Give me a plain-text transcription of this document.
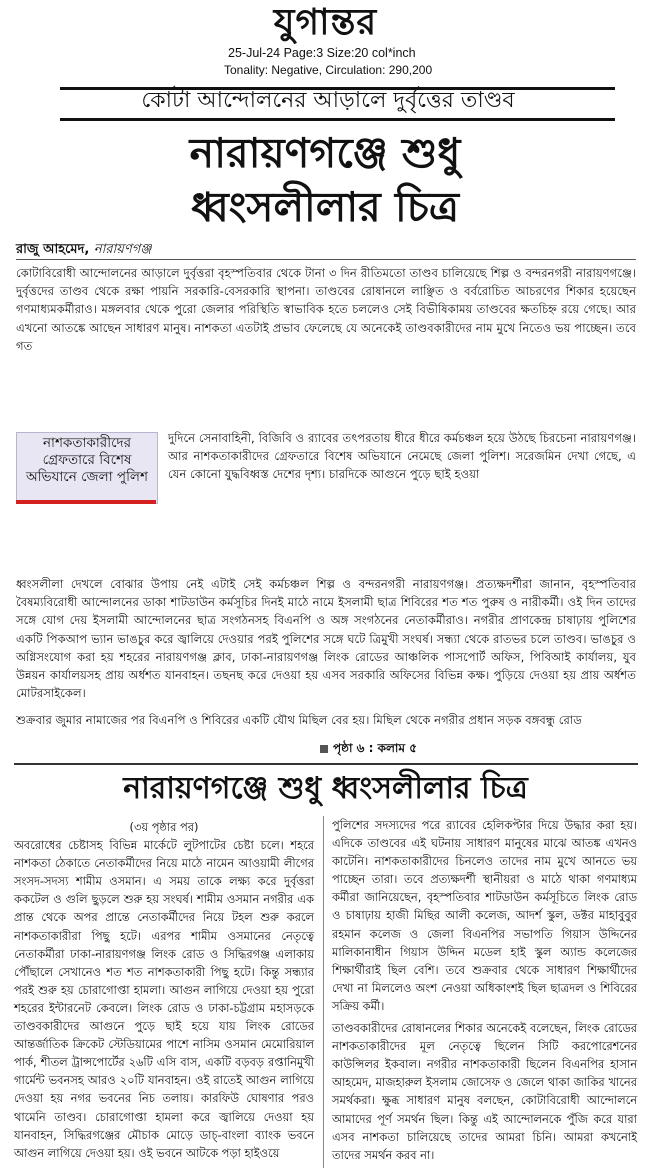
যুগান্তর
25-Jul-24 Page:3 Size:20 col*inch
Tonality: Negative, Circulation: 290,200
কোটা আন্দোলনের আড়ালে দুর্বৃত্তের তাণ্ডব
নারায়ণগঞ্জে শুধু
ধ্বংসলীলার চিত্র
রাজু আহমেদ, নারায়ণগঞ্জ
কোটাবিরোধী আন্দোলনের আড়ালে দুর্বৃত্তরা বৃহস্পতিবার থেকে টানা ৩ দিন রীতিমতো তাণ্ডব চালিয়েছে শিল্প ও বন্দরনগরী নারায়ণগঞ্জে। দুর্বৃত্তদের তাণ্ডব থেকে রক্ষা পায়নি সরকারি-বেসরকারি স্থাপনা। তাণ্ডবের রোষানলে লাঞ্ছিত ও বর্বরোচিত আচরণের শিকার হয়েছেন গণমাধ্যমকর্মীরাও। মঙ্গলবার থেকে পুরো জেলার পরিস্থিতি স্বাভাবিক হতে চললেও সেই বিভীষিকাময় তাণ্ডবের ক্ষতচিহ্ন রয়ে গেছে। আর এখনো আতঙ্কে আছেন সাধারণ মানুষ। নাশকতা এতটাই প্রভাব ফেলেছে যে অনেকেই তাণ্ডবকারীদের নাম মুখে নিতেও ভয় পাচ্ছেন। তবে গত
নাশকতাকারীদের গ্রেফতারে বিশেষ অভিযানে জেলা পুলিশ
দুদিনে সেনাবাহিনী, বিজিবি ও র‌্যাবের তৎপরতায় ধীরে ধীরে কর্মচঞ্চল হয়ে উঠছে চিরচেনা নারায়ণগঞ্জ। আর নাশকতাকারীদের গ্রেফতারে বিশেষ অভিযানে নেমেছে জেলা পুলিশ। সরেজমিন দেখা গেছে, এ যেন কোনো যুদ্ধবিধ্বস্ত দেশের দৃশ্য। চারদিকে আগুনে পুড়ে ছাই হওয়া
ধ্বংসলীলা দেখলে বোঝার উপায় নেই এটাই সেই কর্মচঞ্চল শিল্প ও বন্দরনগরী নারায়ণগঞ্জ। প্রত্যক্ষদর্শীরা জানান, বৃহস্পতিবার বৈষম্যবিরোধী আন্দোলনের ডাকা শাটডাউন কর্মসূচির দিনই মাঠে নামে ইসলামী ছাত্র শিবিরের শত শত পুরুষ ও নারীকর্মী। ওই দিন তাদের সঙ্গে যোগ দেয় ইসলামী আন্দোলনের ছাত্র সংগঠনসহ বিএনপি ও অঙ্গ সংগঠনের নেতাকর্মীরাও। নগরীর প্রাণকেন্দ্র চাষাঢ়ায় পুলিশের একটি পিকআপ ভ্যান ভাঙচুর করে জ্বালিয়ে দেওয়ার পরই পুলিশের সঙ্গে ঘটে ত্রিমুখী সংঘর্ষ। সন্ধ্যা থেকে রাতভর চলে তাণ্ডব। ভাঙচুর ও অগ্নিসংযোগ করা হয় শহরের নারায়ণগঞ্জ ক্লাব, ঢাকা-নারায়ণগঞ্জ লিংক রোডের আঞ্চলিক পাসপোর্ট অফিস, পিবিআই কার্যালয়, যুব উন্নয়ন কার্যালয়সহ প্রায় অর্ধশত যানবাহন। তছনছ করে দেওয়া হয় এসব সরকারি অফিসের বিভিন্ন কক্ষ। পুড়িয়ে দেওয়া হয় প্রায় অর্ধশত মোটরসাইকেল।
শুক্রবার জুমার নামাজের পর বিএনপি ও শিবিরের একটি যৌথ মিছিল বের হয়। মিছিল থেকে নগরীর প্রধান সড়ক বঙ্গবন্ধু রোড
পৃষ্ঠা ৬ : কলাম ৫
নারায়ণগঞ্জে শুধু ধ্বংসলীলার চিত্র
(৩য় পৃষ্ঠার পর)
অবরোধের চেষ্টাসহ বিভিন্ন মার্কেটে লুটপাটের চেষ্টা চলে। শহরে নাশকতা ঠেকাতে নেতাকর্মীদের নিয়ে মাঠে নামেন আওয়ামী লীগের সংসদ-সদস্য শামীম ওসমান। এ সময় তাকে লক্ষ্য করে দুর্বৃত্তরা ককটেল ও গুলি ছুড়লে শুরু হয় সংঘর্ষ। শামীম ওসমান নগরীর এক প্রান্ত থেকে অপর প্রান্তে নেতাকর্মীদের নিয়ে টহল শুরু করলে নাশকতাকারীরা পিছু হটে। এরপর শামীম ওসমানের নেতৃত্বে নেতাকর্মীরা ঢাকা-নারায়ণগঞ্জ লিংক রোড ও সিদ্ধিরগঞ্জ এলাকায় পৌঁছালে সেখানেও শত শত নাশকতাকারী পিছু হটে। কিন্তু সন্ধ্যার পরই শুরু হয় চোরাগোপ্তা হামলা। আগুন লাগিয়ে দেওয়া হয় পুরো শহরের ইন্টারনেট কেবলে। লিংক রোড ও ঢাকা-চট্টগ্রাম মহাসড়কে তাণ্ডবকারীদের আগুনে পুড়ে ছাই হয়ে যায় লিংক রোডের আন্তর্জাতিক ক্রিকেট স্টেডিয়ামের পাশে নাসিম ওসমান মেমোরিয়াল পার্ক, শীতল ট্রান্সপোর্টের ২৬টি এসি বাস, একটি বড়বড় রপ্তানিমুখী গার্মেন্ট ভবনসহ আরও ২০টি যানবাহন। ওই রাতেই আগুন লাগিয়ে দেওয়া হয় নগর ভবনের নিচ তলায়। কারফিউ ঘোষণার পরও থামেনি তাণ্ডব। চোরাগোপ্তা হামলা করে জ্বালিয়ে দেওয়া হয় যানবাহন, সিদ্ধিরগঞ্জের মৌচাক মোড়ে ডাচ্-বাংলা ব্যাংক ভবনে আগুন লাগিয়ে দেওয়া হয়। ওই ভবনে আটকে পড়া হাইওয়ে
পুলিশের সদস্যদের পরে র‌্যাবের হেলিকপ্টার দিয়ে উদ্ধার করা হয়। এদিকে তাণ্ডবের এই ঘটনায় সাধারণ মানুষের মাঝে আতঙ্ক এখনও কাটেনি। নাশকতাকারীদের চিনলেও তাদের নাম মুখে আনতে ভয় পাচ্ছেন তারা। তবে প্রত্যক্ষদর্শী স্থানীয়রা ও মাঠে থাকা গণমাধ্যম কর্মীরা জানিয়েছেন, বৃহস্পতিবার শাটডাউন কর্মসূচিতে লিংক রোড ও চাষাঢ়ায় হাজী মিছির আলী কলেজ, আদর্শ স্কুল, ডক্টর মাহাবুবুর রহমান কলেজ ও জেলা বিএনপির সভাপতি গিয়াস উদ্দিনের মালিকানাধীন গিয়াস উদ্দিন মডেল হাই স্কুল অ্যান্ড কলেজের শিক্ষার্থীরাই ছিল বেশি। তবে শুক্রবার থেকে সাধারণ শিক্ষার্থীদের দেখা না মিললেও অংশ নেওয়া অধিকাংশই ছিল ছাত্রদল ও শিবিরের সক্রিয় কর্মী।
তাণ্ডবকারীদের রোষানলের শিকার অনেকেই বলেছেন, লিংক রোডের নাশকতাকারীদের মূল নেতৃত্বে ছিলেন সিটি করপোরেশনের কাউন্সিলর ইকবাল। নগরীর নাশকতাকারী ছিলেন বিএনপির হাসান আহমেদ, মাজহারুল ইসলাম জোসেফ ও জেলে থাকা জাকির খানের সমর্থকরা। ক্ষুব্ধ সাধারণ মানুষ বলছেন, কোটাবিরোধী আন্দোলনে আমাদের পূর্ণ সমর্থন ছিল। কিন্তু এই আন্দোলনকে পুঁজি করে যারা এসব নাশকতা চালিয়েছে তাদের আমরা চিনি। আমরা কখনোই তাদের সমর্থন করব না।
